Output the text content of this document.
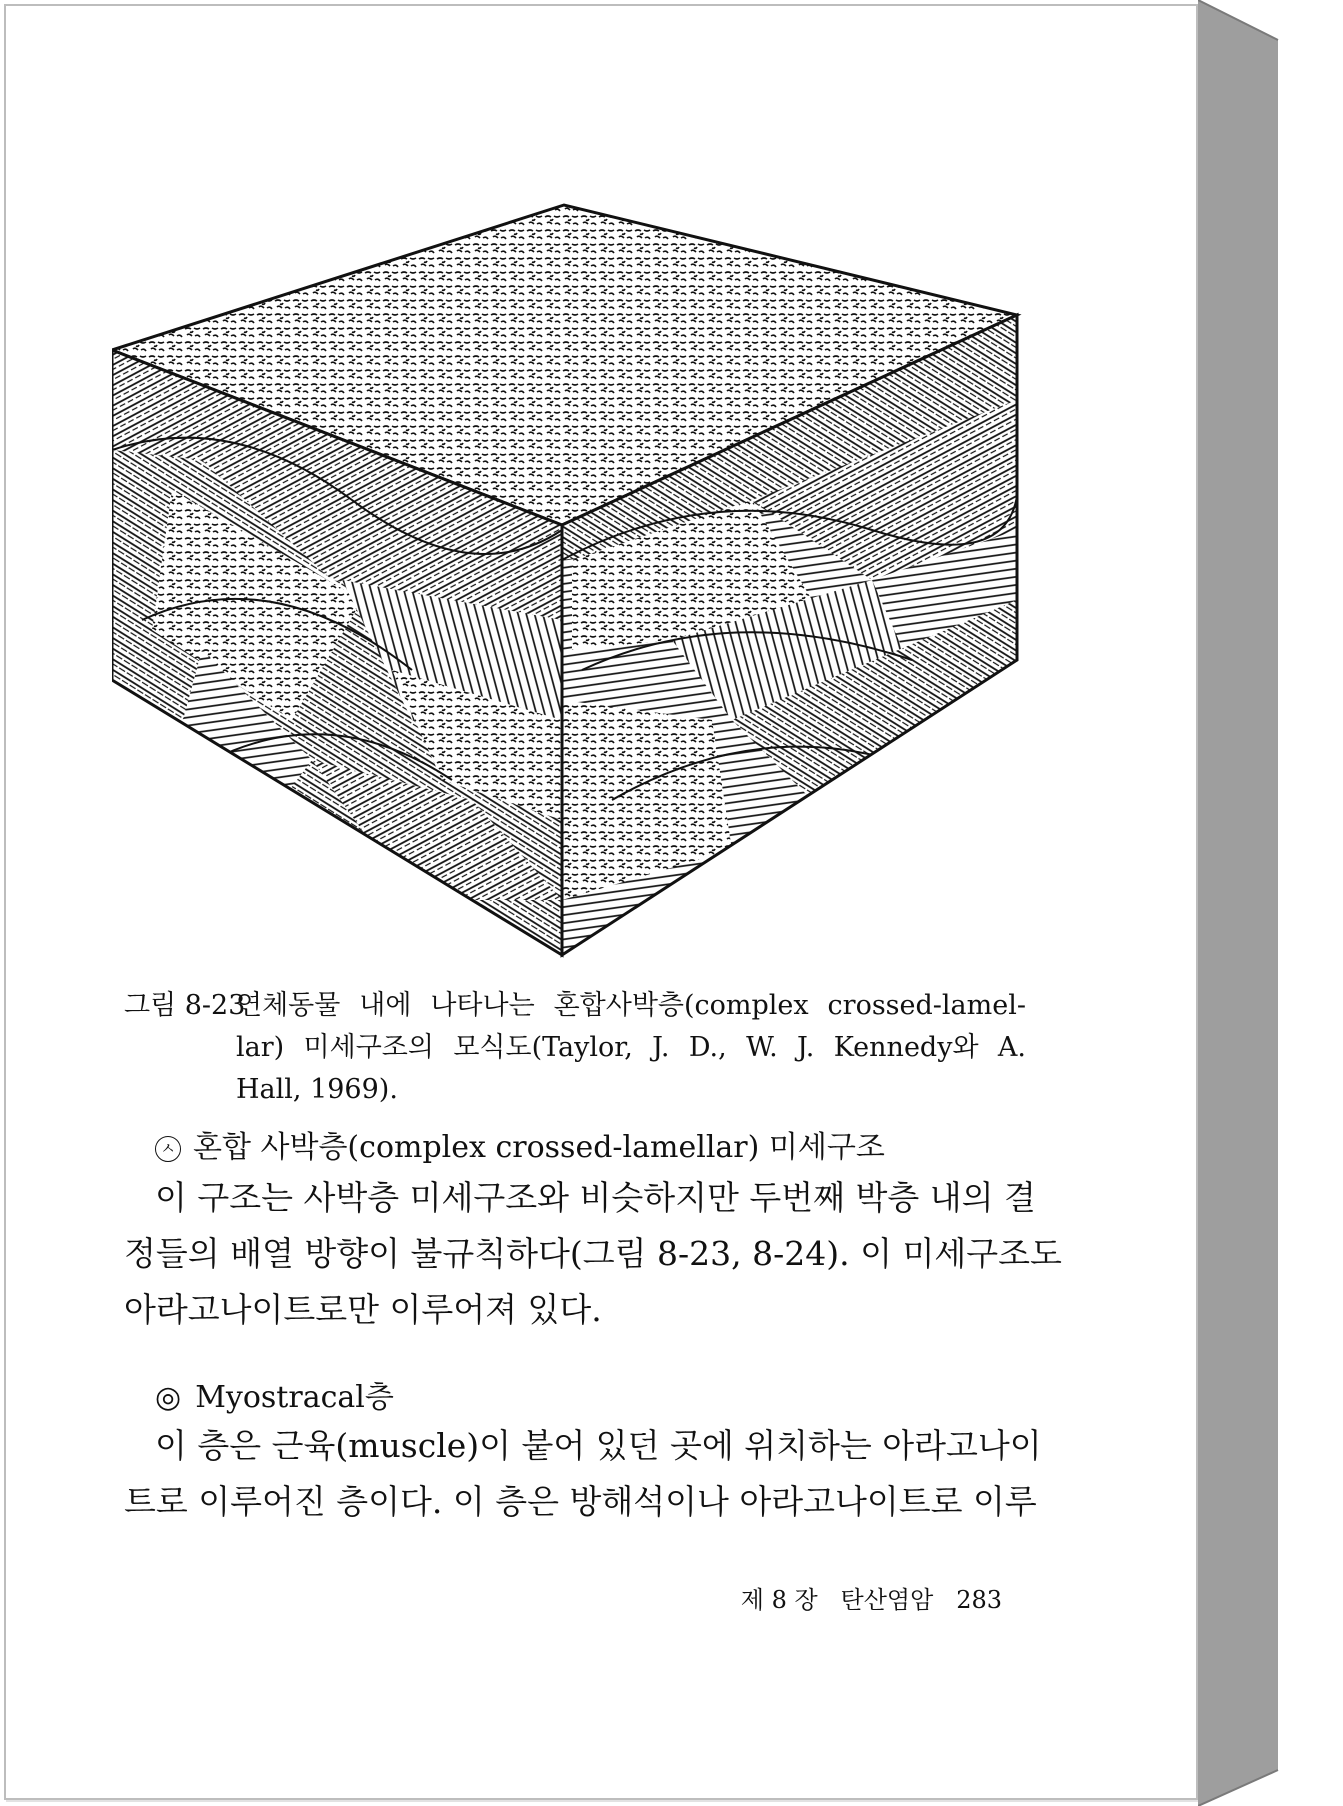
그림 8-23
연체동물 내에 나타나는 혼합사박층(complex crossed-lamel-
lar) 미세구조의 모식도(Taylor, J. D., W. J. Kennedy와 A.
Hall, 1969).
ㅅ 혼합 사박층(complex crossed-lamellar) 미세구조
이 구조는 사박층 미세구조와 비슷하지만 두번째 박층 내의 결
정들의 배열 방향이 불규칙하다(그림 8-23, 8-24). 이 미세구조도
아라고나이트로만 이루어져 있다.
◎ Myostracal층
이 층은 근육(muscle)이 붙어 있던 곳에 위치하는 아라고나이
트로 이루어진 층이다. 이 층은 방해석이나 아라고나이트로 이루
제 8 장 탄산염암 283
